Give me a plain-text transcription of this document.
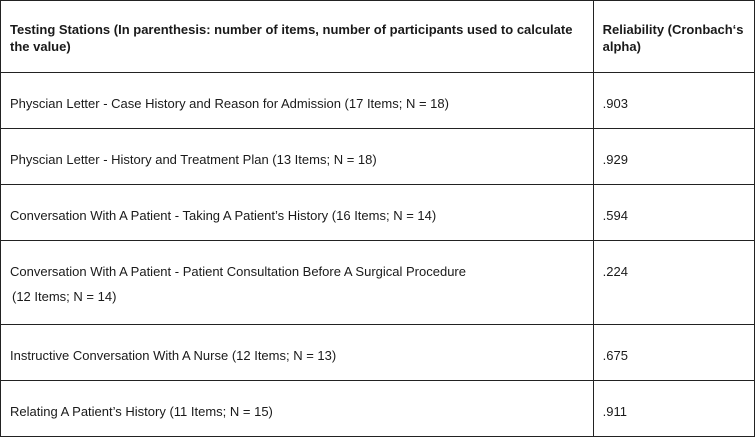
Testing Stations (In parenthesis: number of items, number of participants used to calculate the value)	Reliability (Cronbach‘s alpha)

Physcian Letter - Case History and Reason for Admission (17 Items; N = 18)	.903

Physcian Letter - History and Treatment Plan (13 Items; N = 18)	.929

Conversation With A Patient - Taking A Patient’s History (16 Items; N = 14)	.594

Conversation With A Patient - Patient Consultation Before A Surgical Procedure
(12 Items; N = 14)	.224

Instructive Conversation With A Nurse (12 Items; N = 13)	.675

Relating A Patient’s History (11 Items; N = 15)	.911
